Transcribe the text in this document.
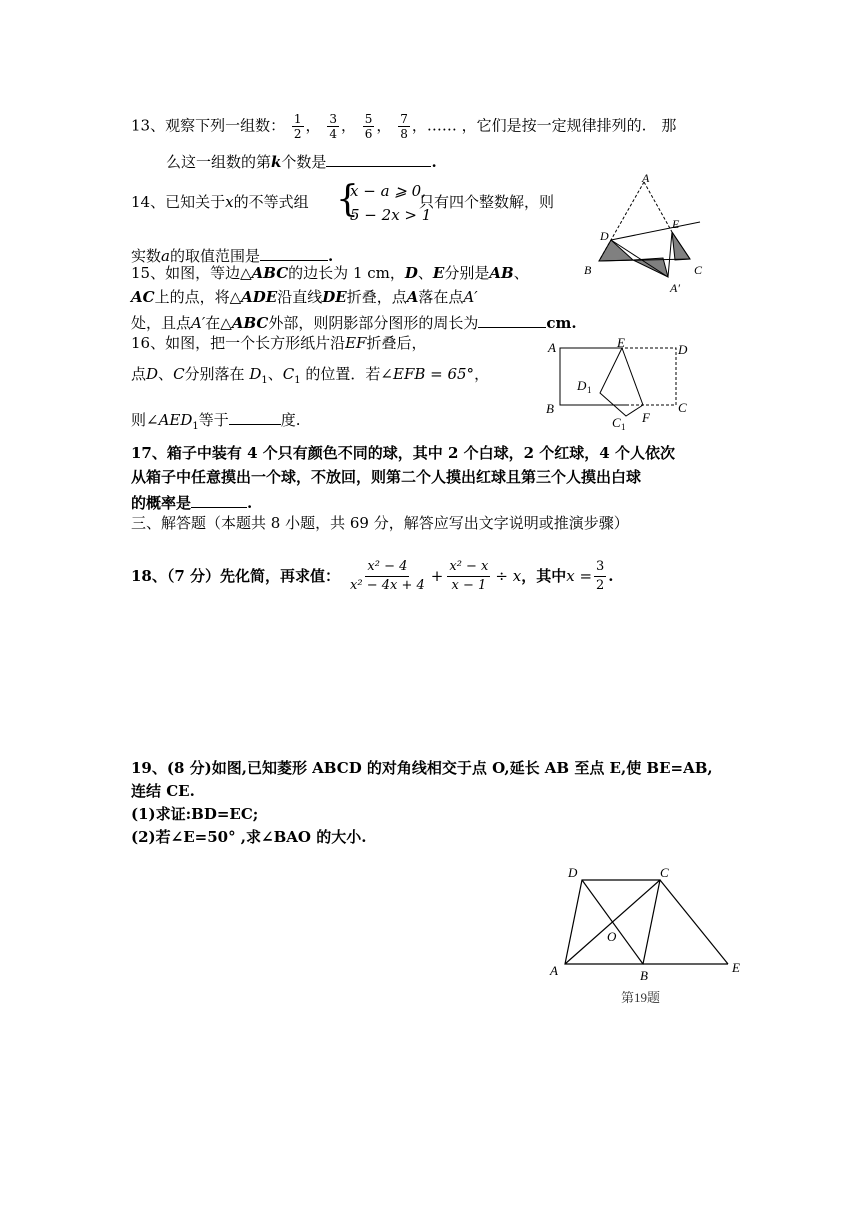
13、观察下列一组数： $\frac{1}{2}$ ， $\frac{3}{4}$ ， $\frac{5}{6}$ ， $\frac{7}{8}$ ，…… ，它们是按一定规律排列的.　那
么这一组数的第k个数是	.
14、已知关于x的不等式组 {
x − a ⩾ 0,
5 − 2x > 1
只有四个整数解，则
实数a的取值范围是	.
A
D
E
B	C
A′
15、如图，等边△ABC的边长为 1 cm，D、E分别是AB、
AC上的点，将△ADE沿直线DE折叠，点A落在点A′
处，且点A′在△ABC外部，则阴影部分图形的周长为	cm.
16、如图，把一个长方形纸片沿EF折叠后，
点D、C分别落在 $D_1$、$C_1$ 的位置．若∠EFB = 65°，
则$\angle AED_1$等于	度.
A	E	D
D 1
B	C
C 1
F
17、箱子中装有 4 个只有颜色不同的球，其中 2 个白球，2 个红球，4 个人依次
从箱子中任意摸出一个球，不放回，则第二个人摸出红球且第三个人摸出白球
的概率是	.
三、解答题（本题共 8 小题，共 69 分，解答应写出文字说明或推演步骤）
18、（7 分）先化简，再求值： $\frac{\text{x² − 4}}{\text{x² − 4x + 4}} + \frac{\text{x² − x}}{x - 1} \div x$ ，其中 $x = \frac{3}{2}$ .
19、(8 分)如图,已知菱形 ABCD 的对角线相交于点 O,延长 AB 至点 E,使 BE=AB,
连结 CE.
(1)求证:BD=EC;
(2)若∠E=50° ,求∠BAO 的大小.
D	C
O
A	B
E
第19题
